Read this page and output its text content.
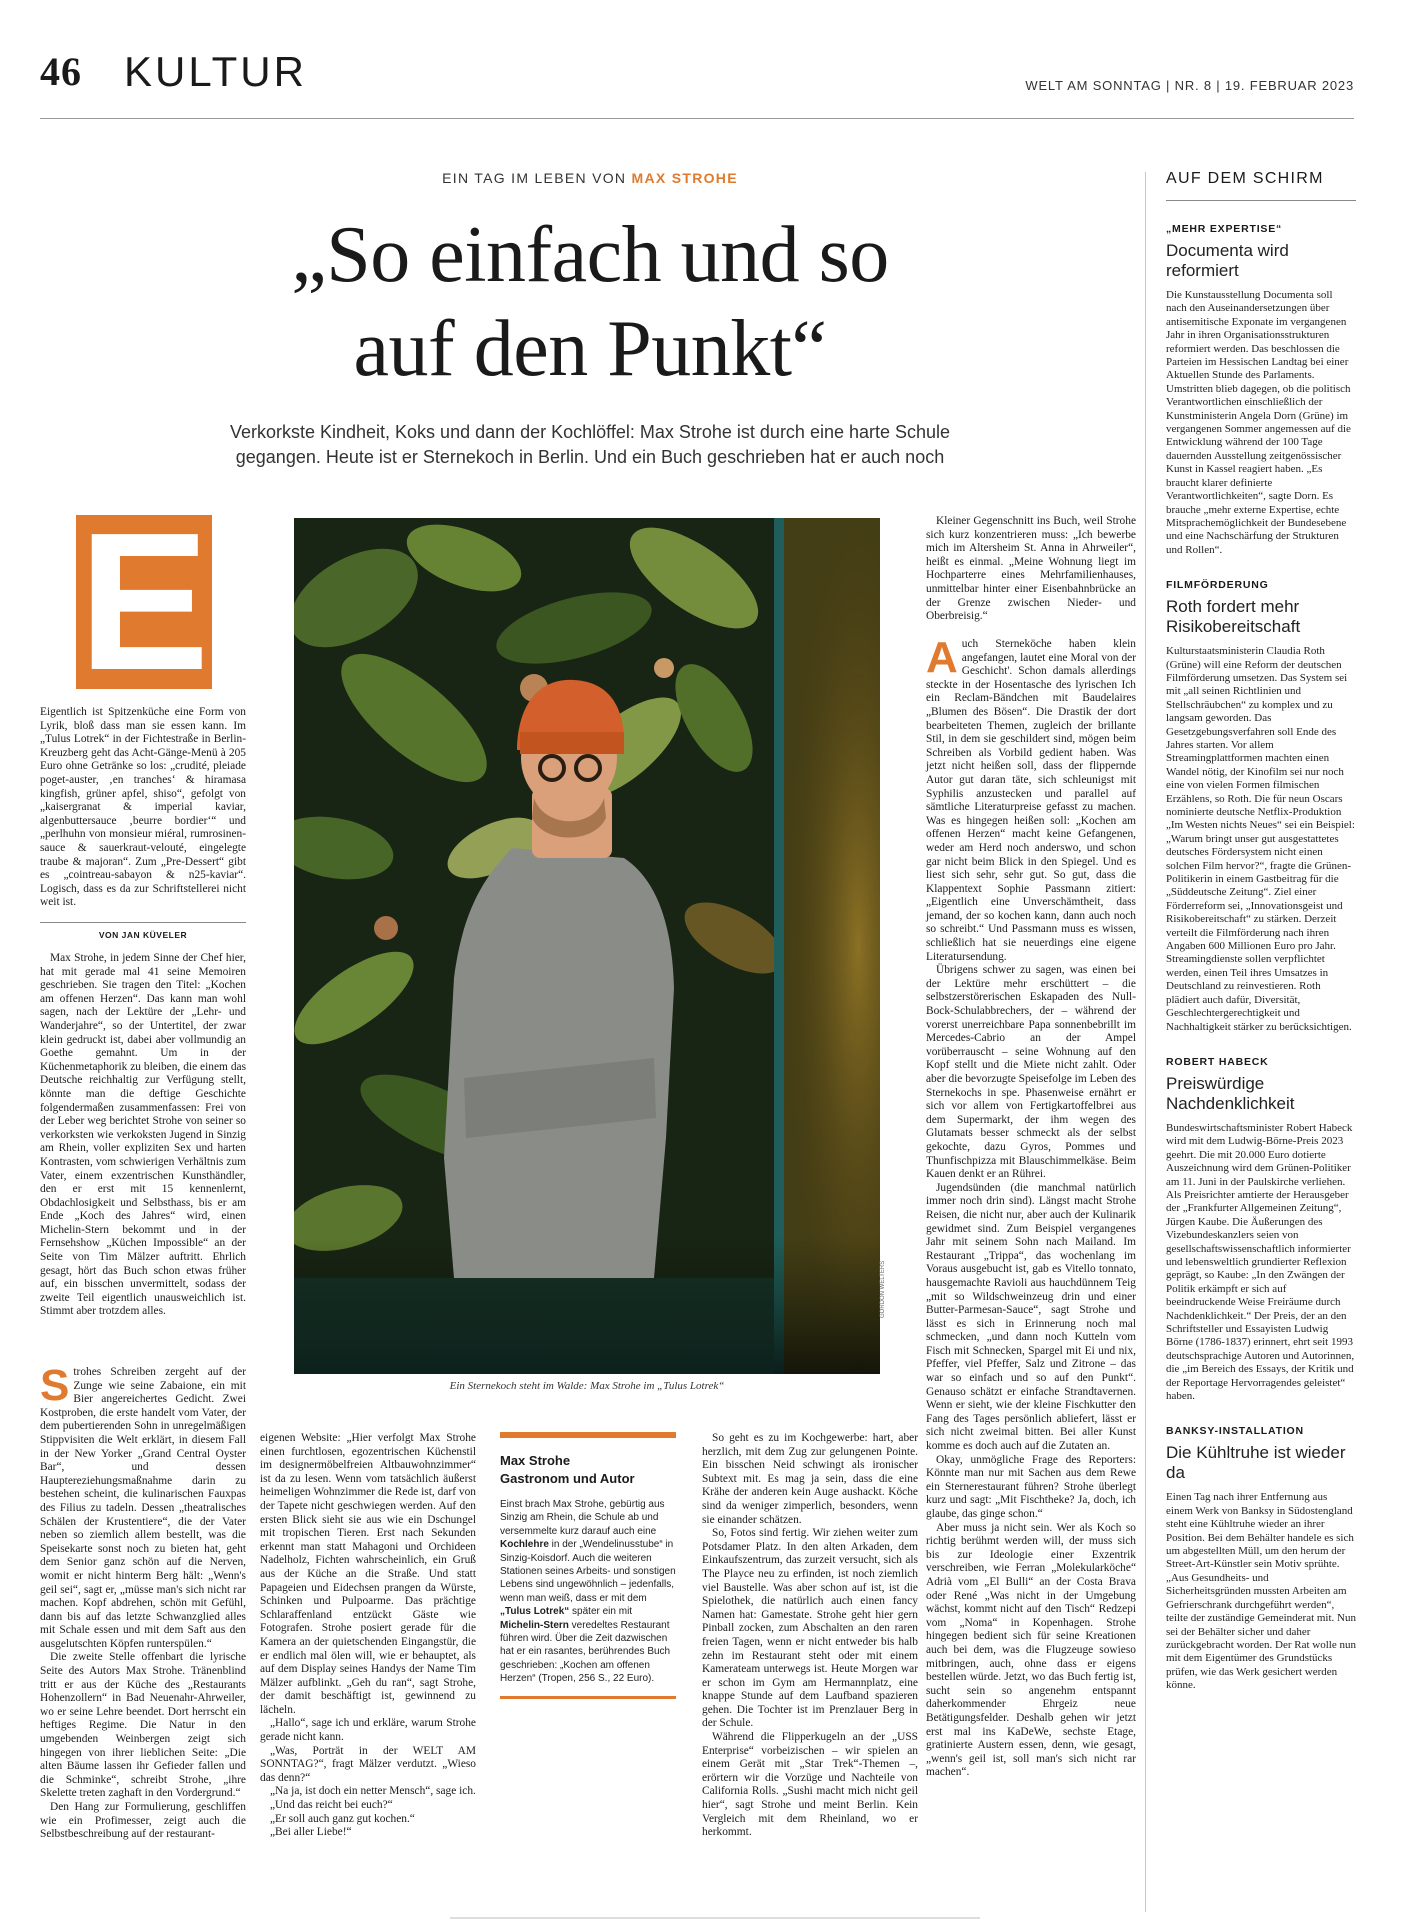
46 KULTUR	WELT AM SONNTAG | NR. 8 | 19. FEBRUAR 2023
EIN TAG IM LEBEN VON MAX STROHE
„So einfach und so
auf den Punkt“
Verkorkste Kindheit, Koks und dann der Kochlöffel: Max Strohe ist durch eine harte Schule gegangen. Heute ist er Sternekoch in Berlin. Und ein Buch geschrieben hat er auch noch
E

Eigentlich ist Spitzenküche eine Form von Lyrik, bloß dass man sie essen kann. Im „Tulus Lotrek“ in der Fichtestraße in Berlin-Kreuzberg geht das Acht-Gänge-Menü à 205 Euro ohne Getränke so los: „crudité, pleiade poget-auster, ‚en tranches‘ & hiramasa kingfish, grüner apfel, shiso“, gefolgt von „kaisergranat & imperial kaviar, algenbuttersauce ‚beurre bordier‘“ und „perlhuhn von monsieur miéral, rumrosinen-sauce & sauerkraut-velouté, eingelegte traube & majoran“. Zum „Pre-Dessert“ gibt es „cointreau-sabayon & n25-kaviar“. Logisch, dass es da zur Schriftstellerei nicht weit ist.

VON JAN KÜVELER

Max Strohe, in jedem Sinne der Chef hier, hat mit gerade mal 41 seine Memoiren geschrieben. Sie tragen den Titel: „Kochen am offenen Herzen“. Das kann man wohl sagen, nach der Lektüre der „Lehr- und Wanderjahre“, so der Untertitel, der zwar klein gedruckt ist, dabei aber vollmundig an Goethe gemahnt. Um in der Küchenmetaphorik zu bleiben, die einem das Deutsche reichhaltig zur Verfügung stellt, könnte man die deftige Geschichte folgendermaßen zusammenfassen: Frei von der Leber weg berichtet Strohe von seiner so verkorksten wie verkoksten Jugend in Sinzig am Rhein, voller expliziten Sex und harten Kontrasten, vom schwierigen Verhältnis zum Vater, einem exzentrischen Kunsthändler, den er erst mit 15 kennenlernt, Obdachlosigkeit und Selbsthass, bis er am Ende „Koch des Jahres“ wird, einen Michelin-Stern bekommt und in der Fernsehshow „Küchen Impossible“ an der Seite von Tim Mälzer auftritt. Ehrlich gesagt, hört das Buch schon etwas früher auf, ein bisschen unvermittelt, sodass der zweite Teil eigentlich unausweichlich ist. Stimmt aber trotzdem alles.

Strohes Schreiben zergeht auf der Zunge wie seine Zabaione, ein mit Bier angereichertes Gedicht. Zwei Kostproben, die erste handelt vom Vater, der dem pubertierenden Sohn in unregelmäßigen Stippvisiten die Welt erklärt, in diesem Fall in der New Yorker „Grand Central Oyster Bar“, und dessen Hauptereziehungsmaßnahme darin zu bestehen scheint, die kulinarischen Fauxpas des Filius zu tadeln. Dessen „theatralisches Schälen der Krustentiere“, die der Vater neben so ziemlich allem bestellt, was die Speisekarte sonst noch zu bieten hat, geht dem Senior ganz schön auf die Nerven, womit er nicht hinterm Berg hält: „Wenn's geil sei“, sagt er, „müsse man's sich nicht rar machen. Kopf abdrehen, schön mit Gefühl, dann bis auf das letzte Schwanzglied alles mit Schale essen und mit dem Saft aus den ausgelutschten Köpfen runterspülen.“

Die zweite Stelle offenbart die lyrische Seite des Autors Max Strohe. Tränenblind tritt er aus der Küche des „Restaurants Hohenzollern“ in Bad Neuenahr-Ahrweiler, wo er seine Lehre beendet. Dort herrscht ein heftiges Regime. Die Natur in den umgebenden Weinbergen zeigt sich hingegen von ihrer lieblichen Seite: „Die alten Bäume lassen ihr Gefieder fallen und die Schminke“, schreibt Strohe, „ihre Skelette treten zaghaft in den Vordergrund.“

Den Hang zur Formulierung, geschliffen wie ein Profimesser, zeigt auch die Selbstbeschreibung auf der restaurant-

GORDON WELTERS
Ein Sternekoch steht im Walde: Max Strohe im „Tulus Lotrek“

eigenen Website: „Hier verfolgt Max Strohe einen furchtlosen, egozentrischen Küchenstil im designermöbelfreien Altbauwohnzimmer“ ist da zu lesen. Wenn vom tatsächlich äußerst heimeligen Wohnzimmer die Rede ist, darf von der Tapete nicht geschwiegen werden. Auf den ersten Blick sieht sie aus wie ein Dschungel mit tropischen Tieren. Erst nach Sekunden erkennt man statt Mahagoni und Orchideen Nadelholz, Fichten wahrscheinlich, ein Gruß aus der Küche an die Straße. Und statt Papageien und Eidechsen prangen da Würste, Schinken und Pulpoarme. Das prächtige Schlaraffenland entzückt Gäste wie Fotografen. Strohe posiert gerade für die Kamera an der quietschenden Eingangstür, die er endlich mal ölen will, wie er behauptet, als auf dem Display seines Handys der Name Tim Mälzer aufblinkt. „Geh du ran“, sagt Strohe, der damit beschäftigt ist, gewinnend zu lächeln.

„Hallo“, sage ich und erkläre, warum Strohe gerade nicht kann.

„Was, Porträt in der WELT AM SONNTAG?“, fragt Mälzer verdutzt. „Wieso das denn?“

„Na ja, ist doch ein netter Mensch“, sage ich.

„Und das reicht bei euch?“

„Er soll auch ganz gut kochen.“

„Bei aller Liebe!“

Max Strohe
Gastronom und Autor
Einst brach Max Strohe, gebürtig aus Sinzig am Rhein, die Schule ab und versemmelte kurz darauf auch eine Kochlehre in der „Wendelinusstube“ in Sinzig-Koisdorf. Auch die weiteren Stationen seines Arbeits- und sonstigen Lebens sind ungewöhnlich – jedenfalls, wenn man weiß, dass er mit dem „Tulus Lotrek“ später ein mit Michelin-Stern veredeltes Restaurant führen wird. Über die Zeit dazwischen hat er ein rasantes, berührendes Buch geschrieben: „Kochen am offenen Herzen“ (Tropen, 256 S., 22 Euro).

So geht es zu im Kochgewerbe: hart, aber herzlich, mit dem Zug zur gelungenen Pointe. Ein bisschen Neid schwingt als ironischer Subtext mit. Es mag ja sein, dass die eine Krähe der anderen kein Auge aushackt. Köche sind da weniger zimperlich, besonders, wenn sie einander schätzen.

So, Fotos sind fertig. Wir ziehen weiter zum Potsdamer Platz. In den alten Arkaden, dem Einkaufszentrum, das zurzeit versucht, sich als The Playce neu zu erfinden, ist noch ziemlich viel Baustelle. Was aber schon auf ist, ist die Spielothek, die natürlich auch einen fancy Namen hat: Gamestate. Strohe geht hier gern Pinball zocken, zum Abschalten an den raren freien Tagen, wenn er nicht entweder bis halb zehn im Restaurant steht oder mit einem Kamerateam unterwegs ist. Heute Morgen war er schon im Gym am Hermannplatz, eine knappe Stunde auf dem Laufband spazieren gehen. Die Tochter ist im Prenzlauer Berg in der Schule.

Während die Flipperkugeln an der „USS Enterprise“ vorbeizischen – wir spielen an einem Gerät mit „Star Trek“-Themen –, erörtern wir die Vorzüge und Nachteile von California Rolls. „Sushi macht mich nicht geil hier“, sagt Strohe und meint Berlin. Kein Vergleich mit dem Rheinland, wo er herkommt.

Kleiner Gegenschnitt ins Buch, weil Strohe sich kurz konzentrieren muss: „Ich bewerbe mich im Altersheim St. Anna in Ahrweiler“, heißt es einmal. „Meine Wohnung liegt im Hochparterre eines Mehrfamilienhauses, unmittelbar hinter einer Eisenbahnbrücke an der Grenze zwischen Nieder- und Oberbreisig.“

Auch Sterneköche haben klein angefangen, lautet eine Moral von der Geschicht'. Schon damals allerdings steckte in der Hosentasche des lyrischen Ich ein Reclam-Bändchen mit Baudelaires „Blumen des Bösen“. Die Drastik der dort bearbeiteten Themen, zugleich der brillante Stil, in dem sie geschildert sind, mögen beim Schreiben als Vorbild gedient haben. Was jetzt nicht heißen soll, dass der flippernde Autor gut daran täte, sich schleunigst mit Syphilis anzustecken und parallel auf sämtliche Literaturpreise gefasst zu machen. Was es hingegen heißen soll: „Kochen am offenen Herzen“ macht keine Gefangenen, weder am Herd noch anderswo, und schon gar nicht beim Blick in den Spiegel. Und es liest sich sehr, sehr gut. So gut, dass die Klappentext Sophie Passmann zitiert: „Eigentlich eine Unverschämtheit, dass jemand, der so kochen kann, dann auch noch so schreibt.“ Und Passmann muss es wissen, schließlich hat sie neuerdings eine eigene Literatursendung.

Übrigens schwer zu sagen, was einen bei der Lektüre mehr erschüttert – die selbstzerstörerischen Eskapaden des Null-Bock-Schulabbrechers, der – während der vorerst unerreichbare Papa sonnenbebrillt im Mercedes-Cabrio an der Ampel vorüberrauscht – seine Wohnung auf den Kopf stellt und die Miete nicht zahlt. Oder aber die bevorzugte Speisefolge im Leben des Sternekochs in spe. Phasenweise ernährt er sich vor allem von Fertigkartoffelbrei aus dem Supermarkt, der ihm wegen des Glutamats besser schmeckt als der selbst gekochte, dazu Gyros, Pommes und Thunfischpizza mit Blauschimmelkäse. Beim Kauen denkt er an Rührei.

Jugendsünden (die manchmal natürlich immer noch drin sind). Längst macht Strohe Reisen, die nicht nur, aber auch der Kulinarik gewidmet sind. Zum Beispiel vergangenes Jahr mit seinem Sohn nach Mailand. Im Restaurant „Trippa“, das wochenlang im Voraus ausgebucht ist, gab es Vitello tonnato, hausgemachte Ravioli aus hauchdünnem Teig „mit so Wildschweinzeug drin und einer Butter-Parmesan-Sauce“, sagt Strohe und lässt es sich in Erinnerung noch mal schmecken, „und dann noch Kutteln vom Fisch mit Schnecken, Spargel mit Ei und nix, Pfeffer, viel Pfeffer, Salz und Zitrone – das war so einfach und so auf den Punkt“. Genauso schätzt er einfache Strandtavernen. Wenn er sieht, wie der kleine Fischkutter den Fang des Tages persönlich abliefert, lässt er sich nicht zweimal bitten. Bei aller Kunst komme es doch auch auf die Zutaten an.

Okay, unmögliche Frage des Reporters: Könnte man nur mit Sachen aus dem Rewe ein Sternerestaurant führen? Strohe überlegt kurz und sagt: „Mit Fischtheke? Ja, doch, ich glaube, das ginge schon.“

Aber muss ja nicht sein. Wer als Koch so richtig berühmt werden will, der muss sich bis zur Ideologie einer Exzentrik verschreiben, wie Ferran „Molekularköche“ Adrià vom „El Bulli“ an der Costa Brava oder René „Was nicht in der Umgebung wächst, kommt nicht auf den Tisch“ Redzepi vom „Noma“ in Kopenhagen. Strohe hingegen bedient sich für seine Kreationen auch bei dem, was die Flugzeuge sowieso mitbringen, auch, ohne dass er eigens bestellen würde. Jetzt, wo das Buch fertig ist, sucht sein so angenehm entspannt daherkommender Ehrgeiz neue Betätigungsfelder. Deshalb gehen wir jetzt erst mal ins KaDeWe, sechste Etage, gratinierte Austern essen, denn, wie gesagt, „wenn's geil ist, soll man's sich nicht rar machen“.

AUF DEM SCHIRM
„MEHR EXPERTISE“
Documenta wird reformiert
Die Kunstausstellung Documenta soll nach den Auseinandersetzungen über antisemitische Exponate im vergangenen Jahr in ihren Organisationsstrukturen reformiert werden. Das beschlossen die Parteien im Hessischen Landtag bei einer Aktuellen Stunde des Parlaments. Umstritten blieb dagegen, ob die politisch Verantwortlichen einschließlich der Kunstministerin Angela Dorn (Grüne) im vergangenen Sommer angemessen auf die Entwicklung während der 100 Tage dauernden Ausstellung zeitgenössischer Kunst in Kassel reagiert haben. „Es braucht klarer definierte Verantwortlichkeiten“, sagte Dorn. Es brauche „mehr externe Expertise, echte Mitsprachemöglichkeit der Bundesebene und eine Nachschärfung der Strukturen und Rollen“.
FILMFÖRDERUNG
Roth fordert mehr Risikobereitschaft
Kulturstaatsministerin Claudia Roth (Grüne) will eine Reform der deutschen Filmförderung umsetzen. Das System sei mit „all seinen Richtlinien und Stellschräubchen“ zu komplex und zu langsam geworden. Das Gesetzgebungsverfahren soll Ende des Jahres starten. Vor allem Streamingplattformen machten einen Wandel nötig, der Kinofilm sei nur noch eine von vielen Formen filmischen Erzählens, so Roth. Die für neun Oscars nominierte deutsche Netflix-Produktion „Im Westen nichts Neues“ sei ein Beispiel: „Warum bringt unser gut ausgestattetes deutsches Fördersystem nicht einen solchen Film hervor?“, fragte die Grünen-Politikerin in einem Gastbeitrag für die „Süddeutsche Zeitung“. Ziel einer Förderreform sei, „Innovationsgeist und Risikobereitschaft“ zu stärken. Derzeit verteilt die Filmförderung nach ihren Angaben 600 Millionen Euro pro Jahr. Streamingdienste sollen verpflichtet werden, einen Teil ihres Umsatzes in Deutschland zu reinvestieren. Roth plädiert auch dafür, Diversität, Geschlechtergerechtigkeit und Nachhaltigkeit stärker zu berücksichtigen.
ROBERT HABECK
Preiswürdige Nachdenklichkeit
Bundeswirtschaftsminister Robert Habeck wird mit dem Ludwig-Börne-Preis 2023 geehrt. Die mit 20.000 Euro dotierte Auszeichnung wird dem Grünen-Politiker am 11. Juni in der Paulskirche verliehen. Als Preisrichter amtierte der Herausgeber der „Frankfurter Allgemeinen Zeitung“, Jürgen Kaube. Die Äußerungen des Vizebundeskanzlers seien von gesellschaftswissenschaftlich informierter und lebensweltlich grundierter Reflexion geprägt, so Kaube: „In den Zwängen der Politik erkämpft er sich auf beeindruckende Weise Freiräume durch Nachdenklichkeit.“ Der Preis, der an den Schriftsteller und Essayisten Ludwig Börne (1786-1837) erinnert, ehrt seit 1993 deutschsprachige Autoren und Autorinnen, die „im Bereich des Essays, der Kritik und der Reportage Hervorragendes geleistet“ haben.
BANKSY-INSTALLATION
Die Kühltruhe ist wieder da
Einen Tag nach ihrer Entfernung aus einem Werk von Banksy in Südostengland steht eine Kühltruhe wieder an ihrer Position. Bei dem Behälter handele es sich um abgestellten Müll, um den herum der Street-Art-Künstler sein Motiv sprühte. „Aus Gesundheits- und Sicherheitsgründen mussten Arbeiten am Gefrierschrank durchgeführt werden“, teilte der zuständige Gemeinderat mit. Nun sei der Behälter sicher und daher zurückgebracht worden. Der Rat wolle nun mit dem Eigentümer des Grundstücks prüfen, wie das Werk gesichert werden könne.
